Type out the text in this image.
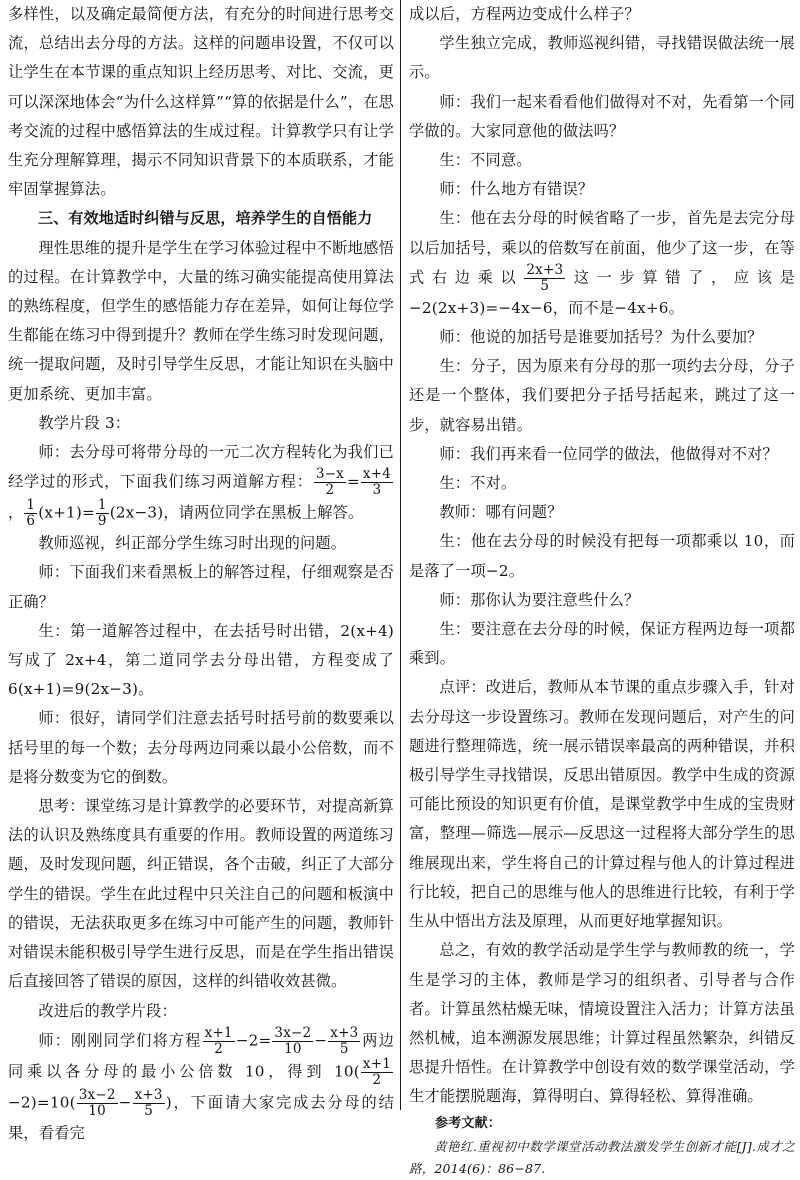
多样性，以及确定最简便方法，有充分的时间进行思考交流，总结出去分母的方法。这样的问题串设置，不仅可以让学生在本节课的重点知识上经历思考、对比、交流，更可以深深地体会“为什么这样算”“算的依据是什么”，在思考交流的过程中感悟算法的生成过程。计算教学只有让学生充分理解算理，揭示不同知识背景下的本质联系，才能牢固掌握算法。

三、有效地适时纠错与反思，培养学生的自悟能力

理性思维的提升是学生在学习体验过程中不断地感悟的过程。在计算教学中，大量的练习确实能提高使用算法的熟练程度，但学生的感悟能力存在差异，如何让每位学生都能在练习中得到提升？教师在学生练习时发现问题，统一提取问题，及时引导学生反思，才能让知识在头脑中更加系统、更加丰富。

教学片段 3：

师：去分母可将带分母的一元二次方程转化为我们已经学过的形式，下面我们练习两道解方程： $\frac{3-x}{2} = \frac{x+4}{3}$
， $\frac{1}{6} (x+1)= \frac{1}{9} (2x-3)$，请两位同学在黑板上解答。

教师巡视，纠正部分学生练习时出现的问题。

师：下面我们来看黑板上的解答过程，仔细观察是否正确？

生：第一道解答过程中，在去括号时出错，2(x+4)写成了 2x+4，第二道同学去分母出错，方程变成了 6(x+1)=9(2x−3)。

师：很好，请同学们注意去括号时括号前的数要乘以括号里的每一个数；去分母两边同乘以最小公倍数，而不是将分数变为它的倒数。

思考：课堂练习是计算教学的必要环节，对提高新算法的认识及熟练度具有重要的作用。教师设置的两道练习题，及时发现问题，纠正错误，各个击破，纠正了大部分学生的错误。学生在此过程中只关注自己的问题和板演中的错误，无法获取更多在练习中可能产生的问题，教师针对错误未能积极引导学生进行反思，而是在学生指出错误后直接回答了错误的原因，这样的纠错收效甚微。

改进后的教学片段：

师：刚刚同学们将方程 $\frac{x+1}{2} -2= \frac{3x-2}{10} - \frac{x+3}{5}$ 两边同乘以各分母的最小公倍数 10，得到 $10( \frac{x+1}{2}$
$-2)=10( \frac{3x-2}{10} - \frac{x+3}{5}$ )，下面请大家完成去分母的结果，看看完

成以后，方程两边变成什么样子？

学生独立完成，教师巡视纠错，寻找错误做法统一展示。

师：我们一起来看看他们做得对不对，先看第一个同学做的。大家同意他的做法吗？

生：不同意。

师：什么地方有错误？

生：他在去分母的时候省略了一步，首先是去完分母以后加括号，乘以的倍数写在前面，他少了这一步，在等式右边乘以 $\frac{2x+3}{5}$ 这一步算错了，应该是−2(2x+3)=−4x−6，而不是−4x+6。

师：他说的加括号是谁要加括号？为什么要加？

生：分子，因为原来有分母的那一项约去分母，分子还是一个整体，我们要把分子括号括起来，跳过了这一步，就容易出错。

师：我们再来看一位同学的做法，他做得对不对？

生：不对。

教师：哪有问题？

生：他在去分母的时候没有把每一项都乘以 10，而是落了一项−2。

师：那你认为要注意些什么？

生：要注意在去分母的时候，保证方程两边每一项都乘到。

点评：改进后，教师从本节课的重点步骤入手，针对去分母这一步设置练习。教师在发现问题后，对产生的问题进行整理筛选，统一展示错误率最高的两种错误，并积极引导学生寻找错误，反思出错原因。教学中生成的资源可能比预设的知识更有价值，是课堂教学中生成的宝贵财富，整理—筛选—展示—反思这一过程将大部分学生的思维展现出来，学生将自己的计算过程与他人的计算过程进行比较，把自己的思维与他人的思维进行比较，有利于学生从中悟出方法及原理，从而更好地掌握知识。

总之，有效的教学活动是学生学与教师教的统一，学生是学习的主体，教师是学习的组织者、引导者与合作者。计算虽然枯燥无味，情境设置注入活力；计算方法虽然机械，追本溯源发展思维；计算过程虽然繁杂，纠错反思提升悟性。在计算教学中创设有效的数学课堂活动，学生才能摆脱题海，算得明白、算得轻松、算得准确。

参考文献：

黄艳红.重视初中数学课堂活动教法激发学生创新才能[J].成才之路，2014(6)：86−87.
